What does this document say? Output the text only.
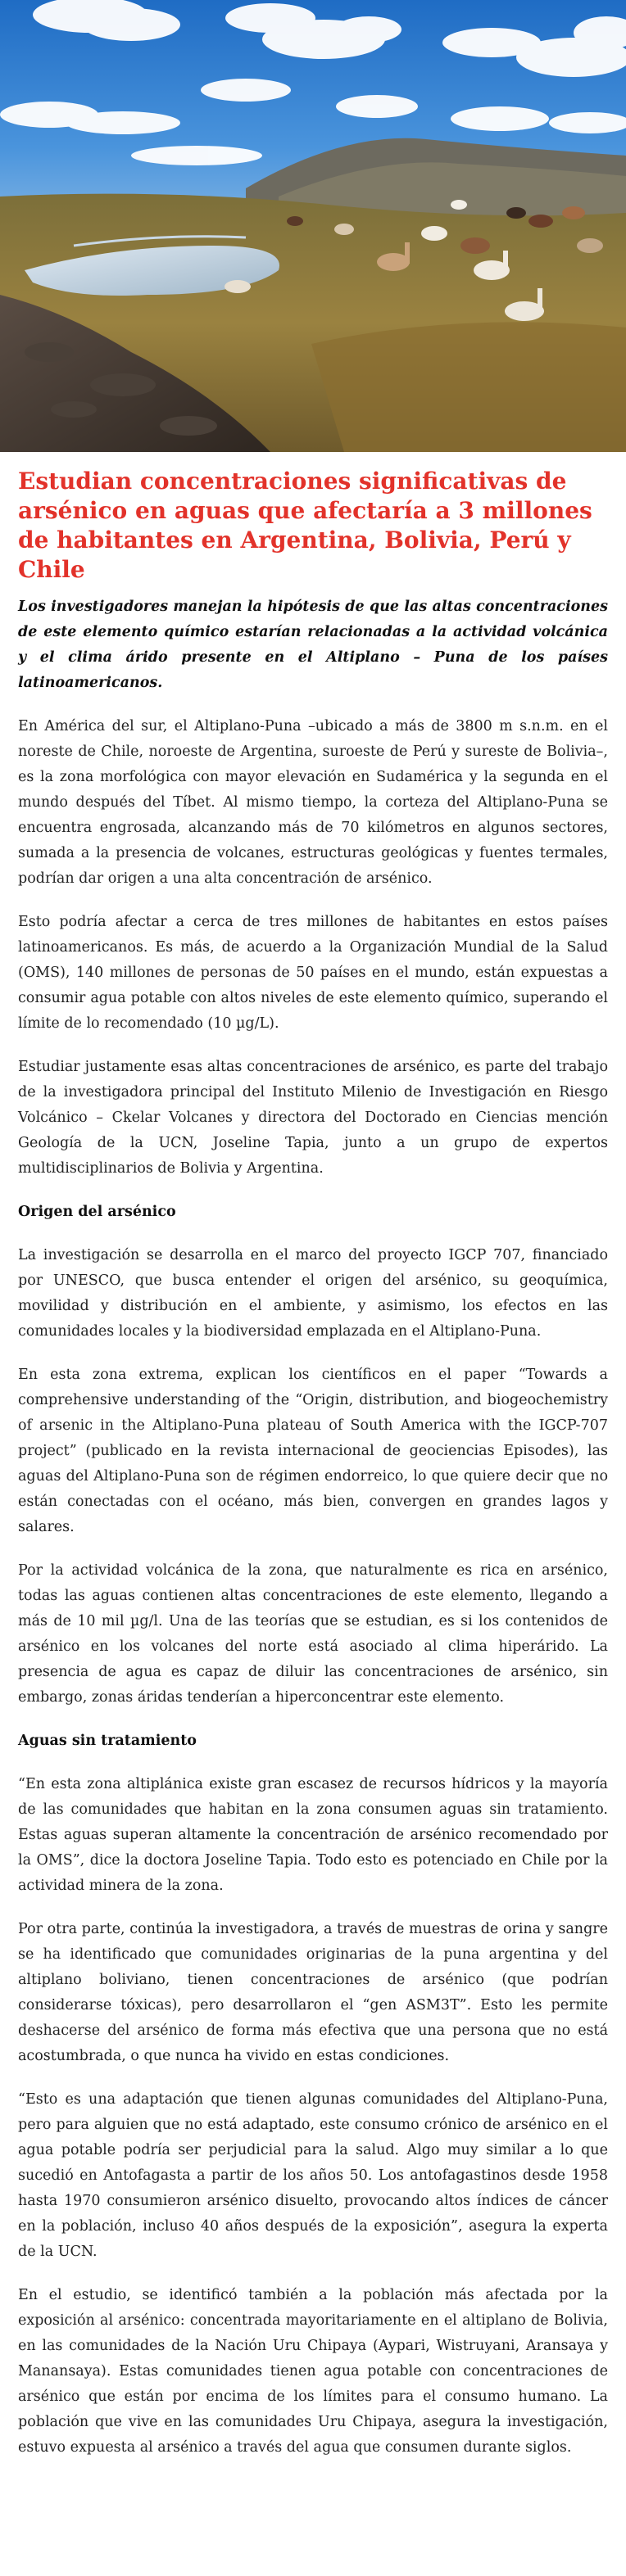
Estudian concentraciones significativas de arsénico en aguas que afectaría a 3 millones de habitantes en Argentina, Bolivia, Perú y Chile

Los investigadores manejan la hipótesis de que las altas concentraciones de este elemento químico estarían relacionadas a la actividad volcánica y el clima árido presente en el Altiplano – Puna de los países latinoamericanos.

En América del sur, el Altiplano-Puna –ubicado a más de 3800 m s.n.m. en el noreste de Chile, noroeste de Argentina, suroeste de Perú y sureste de Bolivia–, es la zona morfológica con mayor elevación en Sudamérica y la segunda en el mundo después del Tíbet. Al mismo tiempo, la corteza del Altiplano-Puna se encuentra engrosada, alcanzando más de 70 kilómetros en algunos sectores, sumada a la presencia de volcanes, estructuras geológicas y fuentes termales, podrían dar origen a una alta concentración de arsénico.

Esto podría afectar a cerca de tres millones de habitantes en estos países latinoamericanos. Es más, de acuerdo a la Organización Mundial de la Salud (OMS), 140 millones de personas de 50 países en el mundo, están expuestas a consumir agua potable con altos niveles de este elemento químico, superando el límite de lo recomendado (10 µg/L).

Estudiar justamente esas altas concentraciones de arsénico, es parte del trabajo de la investigadora principal del Instituto Milenio de Investigación en Riesgo Volcánico – Ckelar Volcanes y directora del Doctorado en Ciencias mención Geología de la UCN, Joseline Tapia, junto a un grupo de expertos multidisciplinarios de Bolivia y Argentina.

Origen del arsénico

La investigación se desarrolla en el marco del proyecto IGCP 707, financiado por UNESCO, que busca entender el origen del arsénico, su geoquímica, movilidad y distribución en el ambiente, y asimismo, los efectos en las comunidades locales y la biodiversidad emplazada en el Altiplano-Puna.

En esta zona extrema, explican los científicos en el paper “Towards a comprehensive understanding of the “Origin, distribution, and biogeochemistry of arsenic in the Altiplano-Puna plateau of South America with the IGCP-707 project” (publicado en la revista internacional de geociencias Episodes), las aguas del Altiplano-Puna son de régimen endorreico, lo que quiere decir que no están conectadas con el océano, más bien, convergen en grandes lagos y salares.

Por la actividad volcánica de la zona, que naturalmente es rica en arsénico, todas las aguas contienen altas concentraciones de este elemento, llegando a más de 10 mil µg/l. Una de las teorías que se estudian, es si los contenidos de arsénico en los volcanes del norte está asociado al clima hiperárido. La presencia de agua es capaz de diluir las concentraciones de arsénico, sin embargo, zonas áridas tenderían a hiperconcentrar este elemento.

Aguas sin tratamiento

“En esta zona altiplánica existe gran escasez de recursos hídricos y la mayoría de las comunidades que habitan en la zona consumen aguas sin tratamiento. Estas aguas superan altamente la concentración de arsénico recomendado por la OMS”, dice la doctora Joseline Tapia. Todo esto es potenciado en Chile por la actividad minera de la zona.

Por otra parte, continúa la investigadora, a través de muestras de orina y sangre se ha identificado que comunidades originarias de la puna argentina y del altiplano boliviano, tienen concentraciones de arsénico (que podrían considerarse tóxicas), pero desarrollaron el “gen ASM3T”. Esto les permite deshacerse del arsénico de forma más efectiva que una persona que no está acostumbrada, o que nunca ha vivido en estas condiciones.

“Esto es una adaptación que tienen algunas comunidades del Altiplano-Puna, pero para alguien que no está adaptado, este consumo crónico de arsénico en el agua potable podría ser perjudicial para la salud. Algo muy similar a lo que sucedió en Antofagasta a partir de los años 50. Los antofagastinos desde 1958 hasta 1970 consumieron arsénico disuelto, provocando altos índices de cáncer en la población, incluso 40 años después de la exposición”, asegura la experta de la UCN.

En el estudio, se identificó también a la población más afectada por la exposición al arsénico: concentrada mayoritariamente en el altiplano de Bolivia, en las comunidades de la Nación Uru Chipaya (Aypari, Wistruyani, Aransaya y Manansaya). Estas comunidades tienen agua potable con concentraciones de arsénico que están por encima de los límites para el consumo humano. La población que vive en las comunidades Uru Chipaya, asegura la investigación, estuvo expuesta al arsénico a través del agua que consumen durante siglos.
